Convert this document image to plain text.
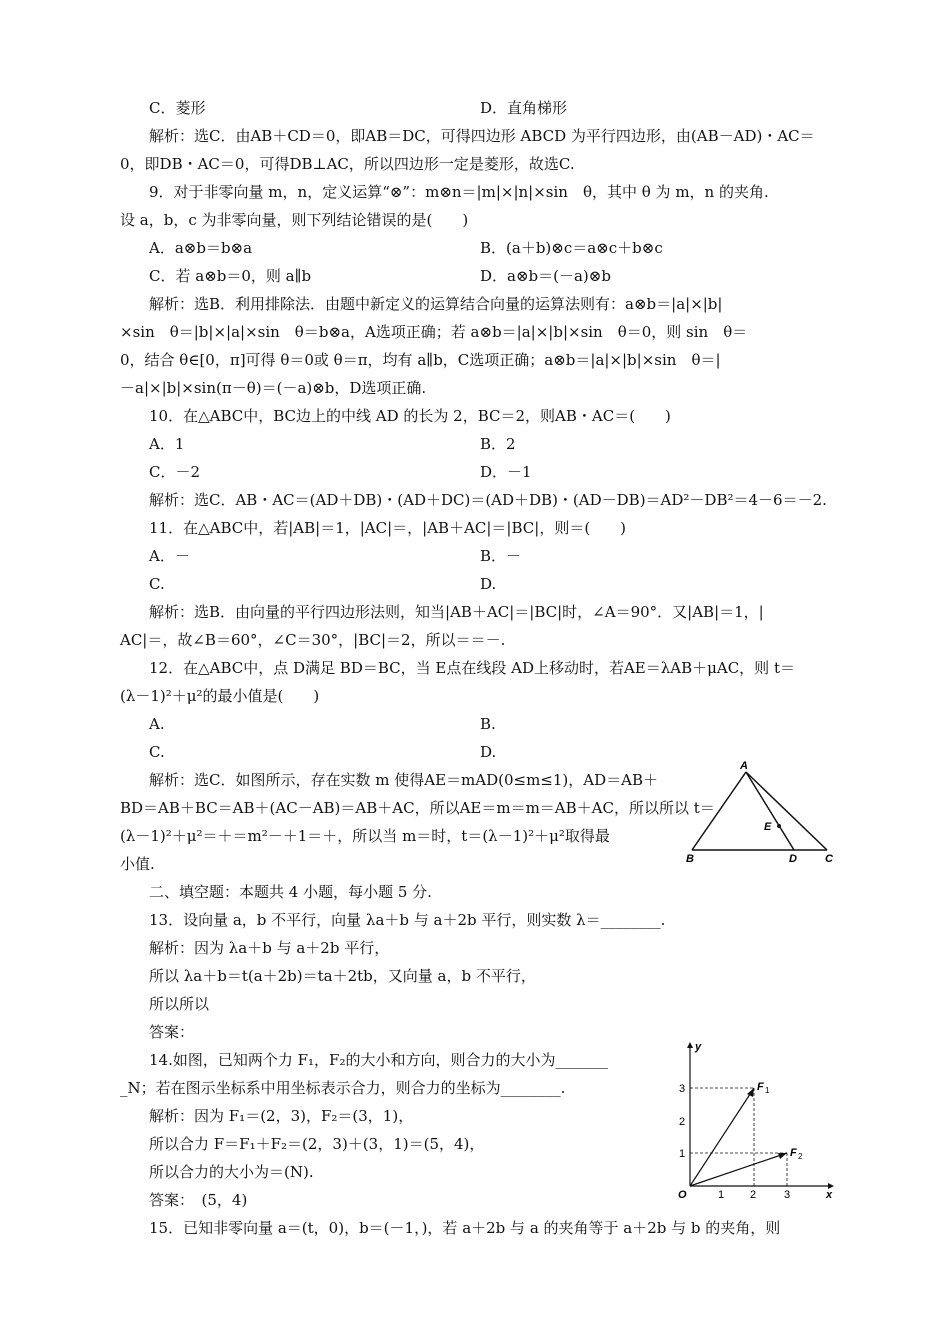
C．菱形	D．直角梯形
解析：选C．由AB＋CD＝0，即AB＝DC，可得四边形 ABCD 为平行四边形，由(AB－AD)・AC＝
0，即DB・AC＝0，可得DB⊥AC，所以四边形一定是菱形，故选C.
9．对于非零向量 m，n，定义运算“⊗”：m⊗n＝|m|×|n|×sin　θ，其中 θ 为 m，n 的夹角.
设 a，b，c 为非零向量，则下列结论错误的是(　　)
A．a⊗b＝b⊗a	B．(a＋b)⊗c＝a⊗c＋b⊗c
C．若 a⊗b＝0，则 a∥b	D．a⊗b＝(－a)⊗b
解析：选B．利用排除法．由题中新定义的运算结合向量的运算法则有：a⊗b＝|a|×|b|
×sin　θ＝|b|×|a|×sin　θ＝b⊗a，A选项正确；若 a⊗b＝|a|×|b|×sin　θ＝0，则 sin　θ＝
0，结合 θ∈[0，π]可得 θ＝0或 θ＝π，均有 a∥b，C选项正确；a⊗b＝|a|×|b|×sin　θ＝|
－a|×|b|×sin(π－θ)＝(－a)⊗b，D选项正确.
10．在△ABC中，BC边上的中线 AD 的长为 2，BC＝2，则AB・AC＝(　　)
A．1	B．2
C．－2	D．－1
解析：选C．AB・AC＝(AD＋DB)・(AD＋DC)＝(AD＋DB)・(AD－DB)＝AD²－DB²＝4－6＝－2.
11．在△ABC中，若|AB|＝1，|AC|＝，|AB＋AC|＝|BC|，则＝(　　)
A．－	B．－
C.	D.
解析：选B．由向量的平行四边形法则，知当|AB＋AC|＝|BC|时，∠A＝90°．又|AB|＝1，|
AC|＝，故∠B＝60°，∠C＝30°，|BC|＝2，所以＝＝－.
12．在△ABC中，点 D满足 BD＝BC，当 E点在线段 AD上移动时，若AE＝λAB＋μAC，则 t＝
(λ－1)²＋μ²的最小值是(　　)
A.	B.
C.	D.
解析：选C．如图所示，存在实数 m 使得AE＝mAD(0≤m≤1)，AD＝AB＋
BD＝AB＋BC＝AB＋(AC－AB)＝AB＋AC，所以AE＝m＝m＝AB＋AC，所以所以 t＝
(λ－1)²＋μ²＝＋＝m²－＋1＝＋，所以当 m＝时，t＝(λ－1)²＋μ²取得最
小值.
A
B	C
D
E
二、填空题：本题共 4 小题，每小题 5 分.
13．设向量 a，b 不平行，向量 λa＋b 与 a＋2b 平行，则实数 λ＝________.
解析：因为 λa＋b 与 a＋2b 平行，
所以 λa＋b＝t(a＋2b)＝ta＋2tb，又向量 a，b 不平行，
所以所以
答案：
14.如图，已知两个力 F₁，F₂的大小和方向，则合力的大小为_______
_N；若在图示坐标系中用坐标表示合力，则合力的坐标为________.
解析：因为 F₁＝(2，3)，F₂＝(3，1)，
所以合力 F＝F₁＋F₂＝(2，3)＋(3，1)＝(5，4)，
所以合力的大小为＝(N).
答案：　(5，4)
y
x
O	1 2	3
1
2
3	F 1
F 2
15．已知非零向量 a＝(t，0)，b＝(－1，)，若 a＋2b 与 a 的夹角等于 a＋2b 与 b 的夹角，则
